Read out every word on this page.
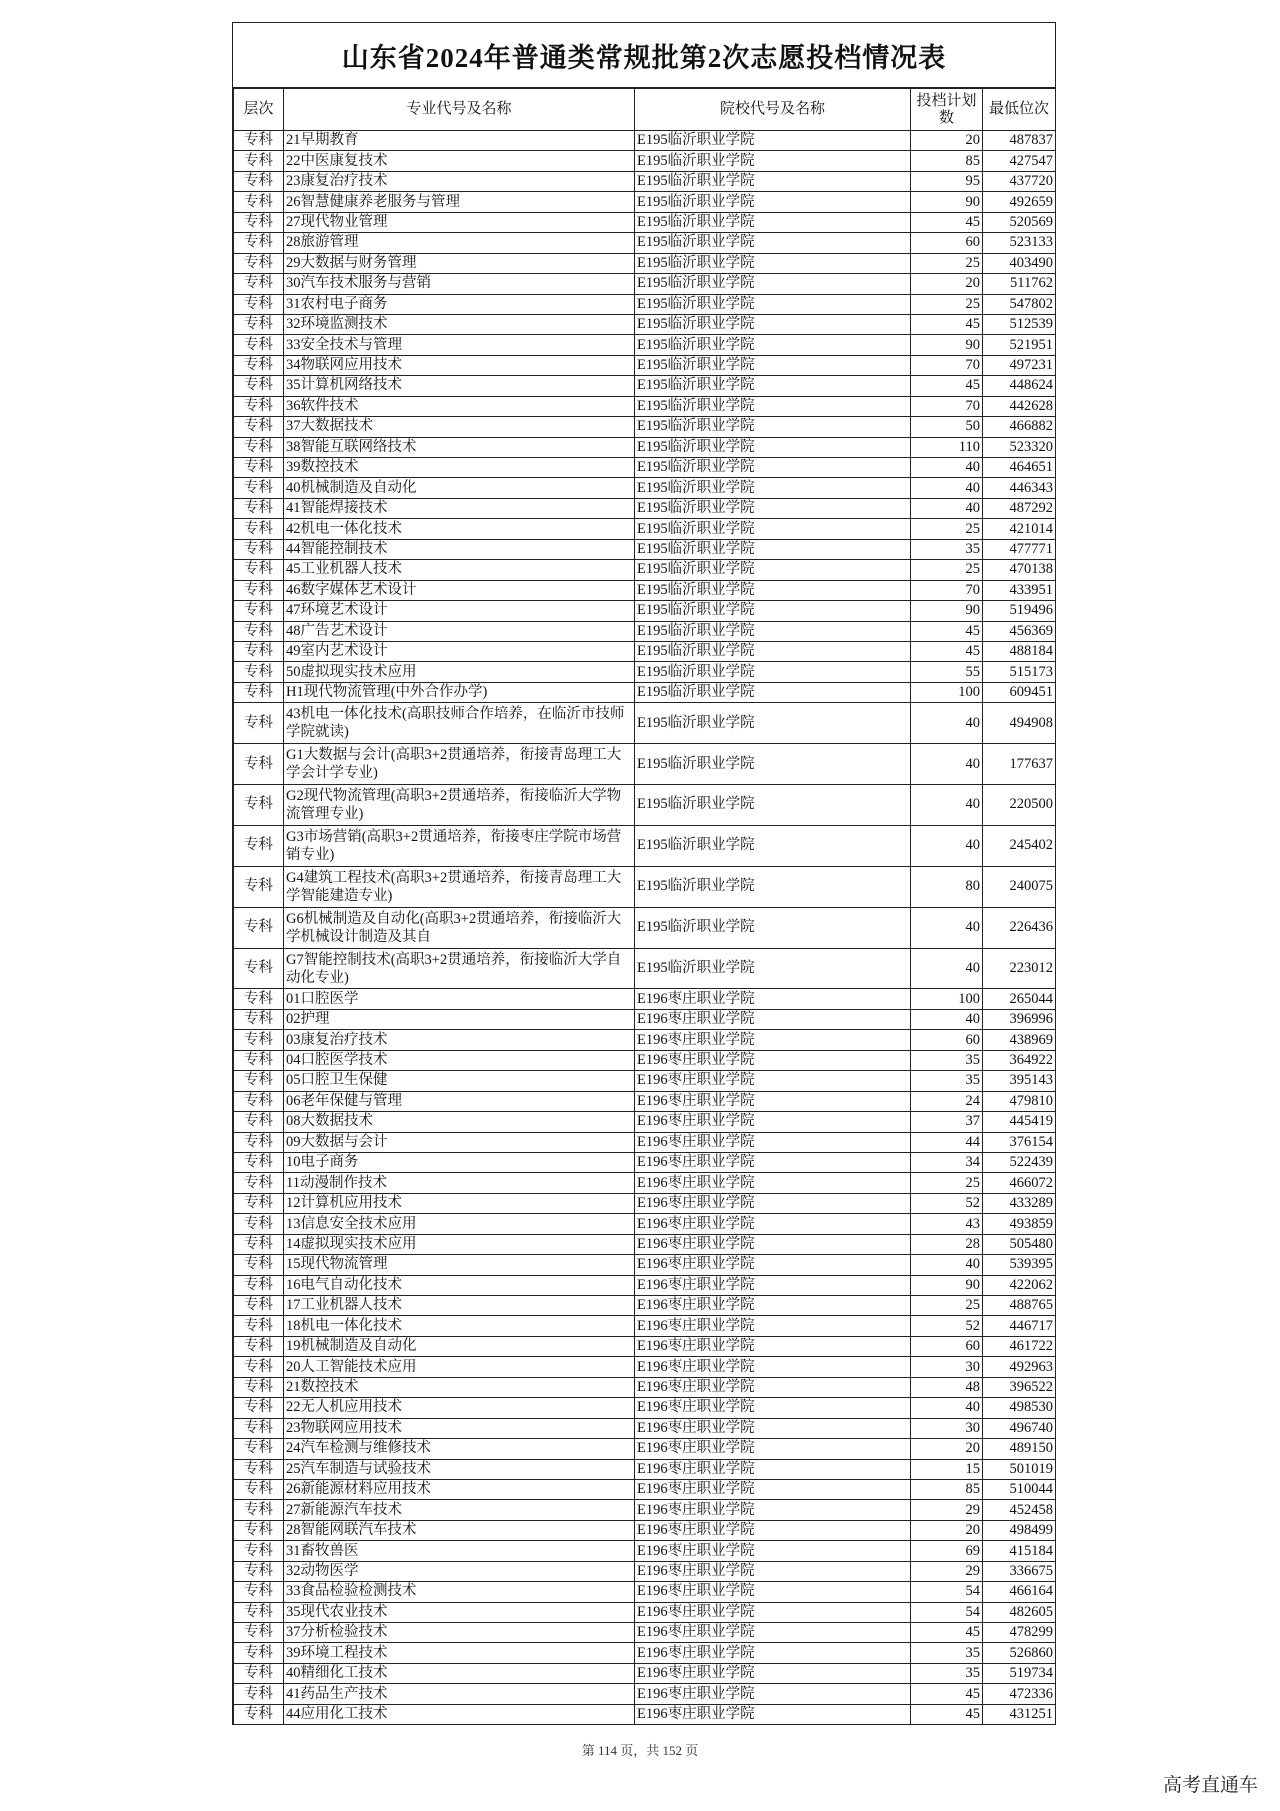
山东省2024年普通类常规批第2次志愿投档情况表
层次	专业代号及名称	院校代号及名称	投档计划数	最低位次
专科	21早期教育	E195临沂职业学院	20	487837
专科	22中医康复技术	E195临沂职业学院	85	427547
专科	23康复治疗技术	E195临沂职业学院	95	437720
专科	26智慧健康养老服务与管理	E195临沂职业学院	90	492659
专科	27现代物业管理	E195临沂职业学院	45	520569
专科	28旅游管理	E195临沂职业学院	60	523133
专科	29大数据与财务管理	E195临沂职业学院	25	403490
专科	30汽车技术服务与营销	E195临沂职业学院	20	511762
专科	31农村电子商务	E195临沂职业学院	25	547802
专科	32环境监测技术	E195临沂职业学院	45	512539
专科	33安全技术与管理	E195临沂职业学院	90	521951
专科	34物联网应用技术	E195临沂职业学院	70	497231
专科	35计算机网络技术	E195临沂职业学院	45	448624
专科	36软件技术	E195临沂职业学院	70	442628
专科	37大数据技术	E195临沂职业学院	50	466882
专科	38智能互联网络技术	E195临沂职业学院	110	523320
专科	39数控技术	E195临沂职业学院	40	464651
专科	40机械制造及自动化	E195临沂职业学院	40	446343
专科	41智能焊接技术	E195临沂职业学院	40	487292
专科	42机电一体化技术	E195临沂职业学院	25	421014
专科	44智能控制技术	E195临沂职业学院	35	477771
专科	45工业机器人技术	E195临沂职业学院	25	470138
专科	46数字媒体艺术设计	E195临沂职业学院	70	433951
专科	47环境艺术设计	E195临沂职业学院	90	519496
专科	48广告艺术设计	E195临沂职业学院	45	456369
专科	49室内艺术设计	E195临沂职业学院	45	488184
专科	50虚拟现实技术应用	E195临沂职业学院	55	515173
专科	H1现代物流管理(中外合作办学)	E195临沂职业学院	100	609451
专科	43机电一体化技术(高职技师合作培养，在临沂市技师学院就读)	E195临沂职业学院	40	494908
专科	G1大数据与会计(高职3+2贯通培养，衔接青岛理工大学会计学专业)	E195临沂职业学院	40	177637
专科	G2现代物流管理(高职3+2贯通培养，衔接临沂大学物流管理专业)	E195临沂职业学院	40	220500
专科	G3市场营销(高职3+2贯通培养，衔接枣庄学院市场营销专业)	E195临沂职业学院	40	245402
专科	G4建筑工程技术(高职3+2贯通培养，衔接青岛理工大学智能建造专业)	E195临沂职业学院	80	240075
专科	G6机械制造及自动化(高职3+2贯通培养，衔接临沂大学机械设计制造及其自	E195临沂职业学院	40	226436
专科	G7智能控制技术(高职3+2贯通培养，衔接临沂大学自动化专业)	E195临沂职业学院	40	223012
专科	01口腔医学	E196枣庄职业学院	100	265044
专科	02护理	E196枣庄职业学院	40	396996
专科	03康复治疗技术	E196枣庄职业学院	60	438969
专科	04口腔医学技术	E196枣庄职业学院	35	364922
专科	05口腔卫生保健	E196枣庄职业学院	35	395143
专科	06老年保健与管理	E196枣庄职业学院	24	479810
专科	08大数据技术	E196枣庄职业学院	37	445419
专科	09大数据与会计	E196枣庄职业学院	44	376154
专科	10电子商务	E196枣庄职业学院	34	522439
专科	11动漫制作技术	E196枣庄职业学院	25	466072
专科	12计算机应用技术	E196枣庄职业学院	52	433289
专科	13信息安全技术应用	E196枣庄职业学院	43	493859
专科	14虚拟现实技术应用	E196枣庄职业学院	28	505480
专科	15现代物流管理	E196枣庄职业学院	40	539395
专科	16电气自动化技术	E196枣庄职业学院	90	422062
专科	17工业机器人技术	E196枣庄职业学院	25	488765
专科	18机电一体化技术	E196枣庄职业学院	52	446717
专科	19机械制造及自动化	E196枣庄职业学院	60	461722
专科	20人工智能技术应用	E196枣庄职业学院	30	492963
专科	21数控技术	E196枣庄职业学院	48	396522
专科	22无人机应用技术	E196枣庄职业学院	40	498530
专科	23物联网应用技术	E196枣庄职业学院	30	496740
专科	24汽车检测与维修技术	E196枣庄职业学院	20	489150
专科	25汽车制造与试验技术	E196枣庄职业学院	15	501019
专科	26新能源材料应用技术	E196枣庄职业学院	85	510044
专科	27新能源汽车技术	E196枣庄职业学院	29	452458
专科	28智能网联汽车技术	E196枣庄职业学院	20	498499
专科	31畜牧兽医	E196枣庄职业学院	69	415184
专科	32动物医学	E196枣庄职业学院	29	336675
专科	33食品检验检测技术	E196枣庄职业学院	54	466164
专科	35现代农业技术	E196枣庄职业学院	54	482605
专科	37分析检验技术	E196枣庄职业学院	45	478299
专科	39环境工程技术	E196枣庄职业学院	35	526860
专科	40精细化工技术	E196枣庄职业学院	35	519734
专科	41药品生产技术	E196枣庄职业学院	45	472336
专科	44应用化工技术	E196枣庄职业学院	45	431251
第 114 页，共 152 页
高考直通车
